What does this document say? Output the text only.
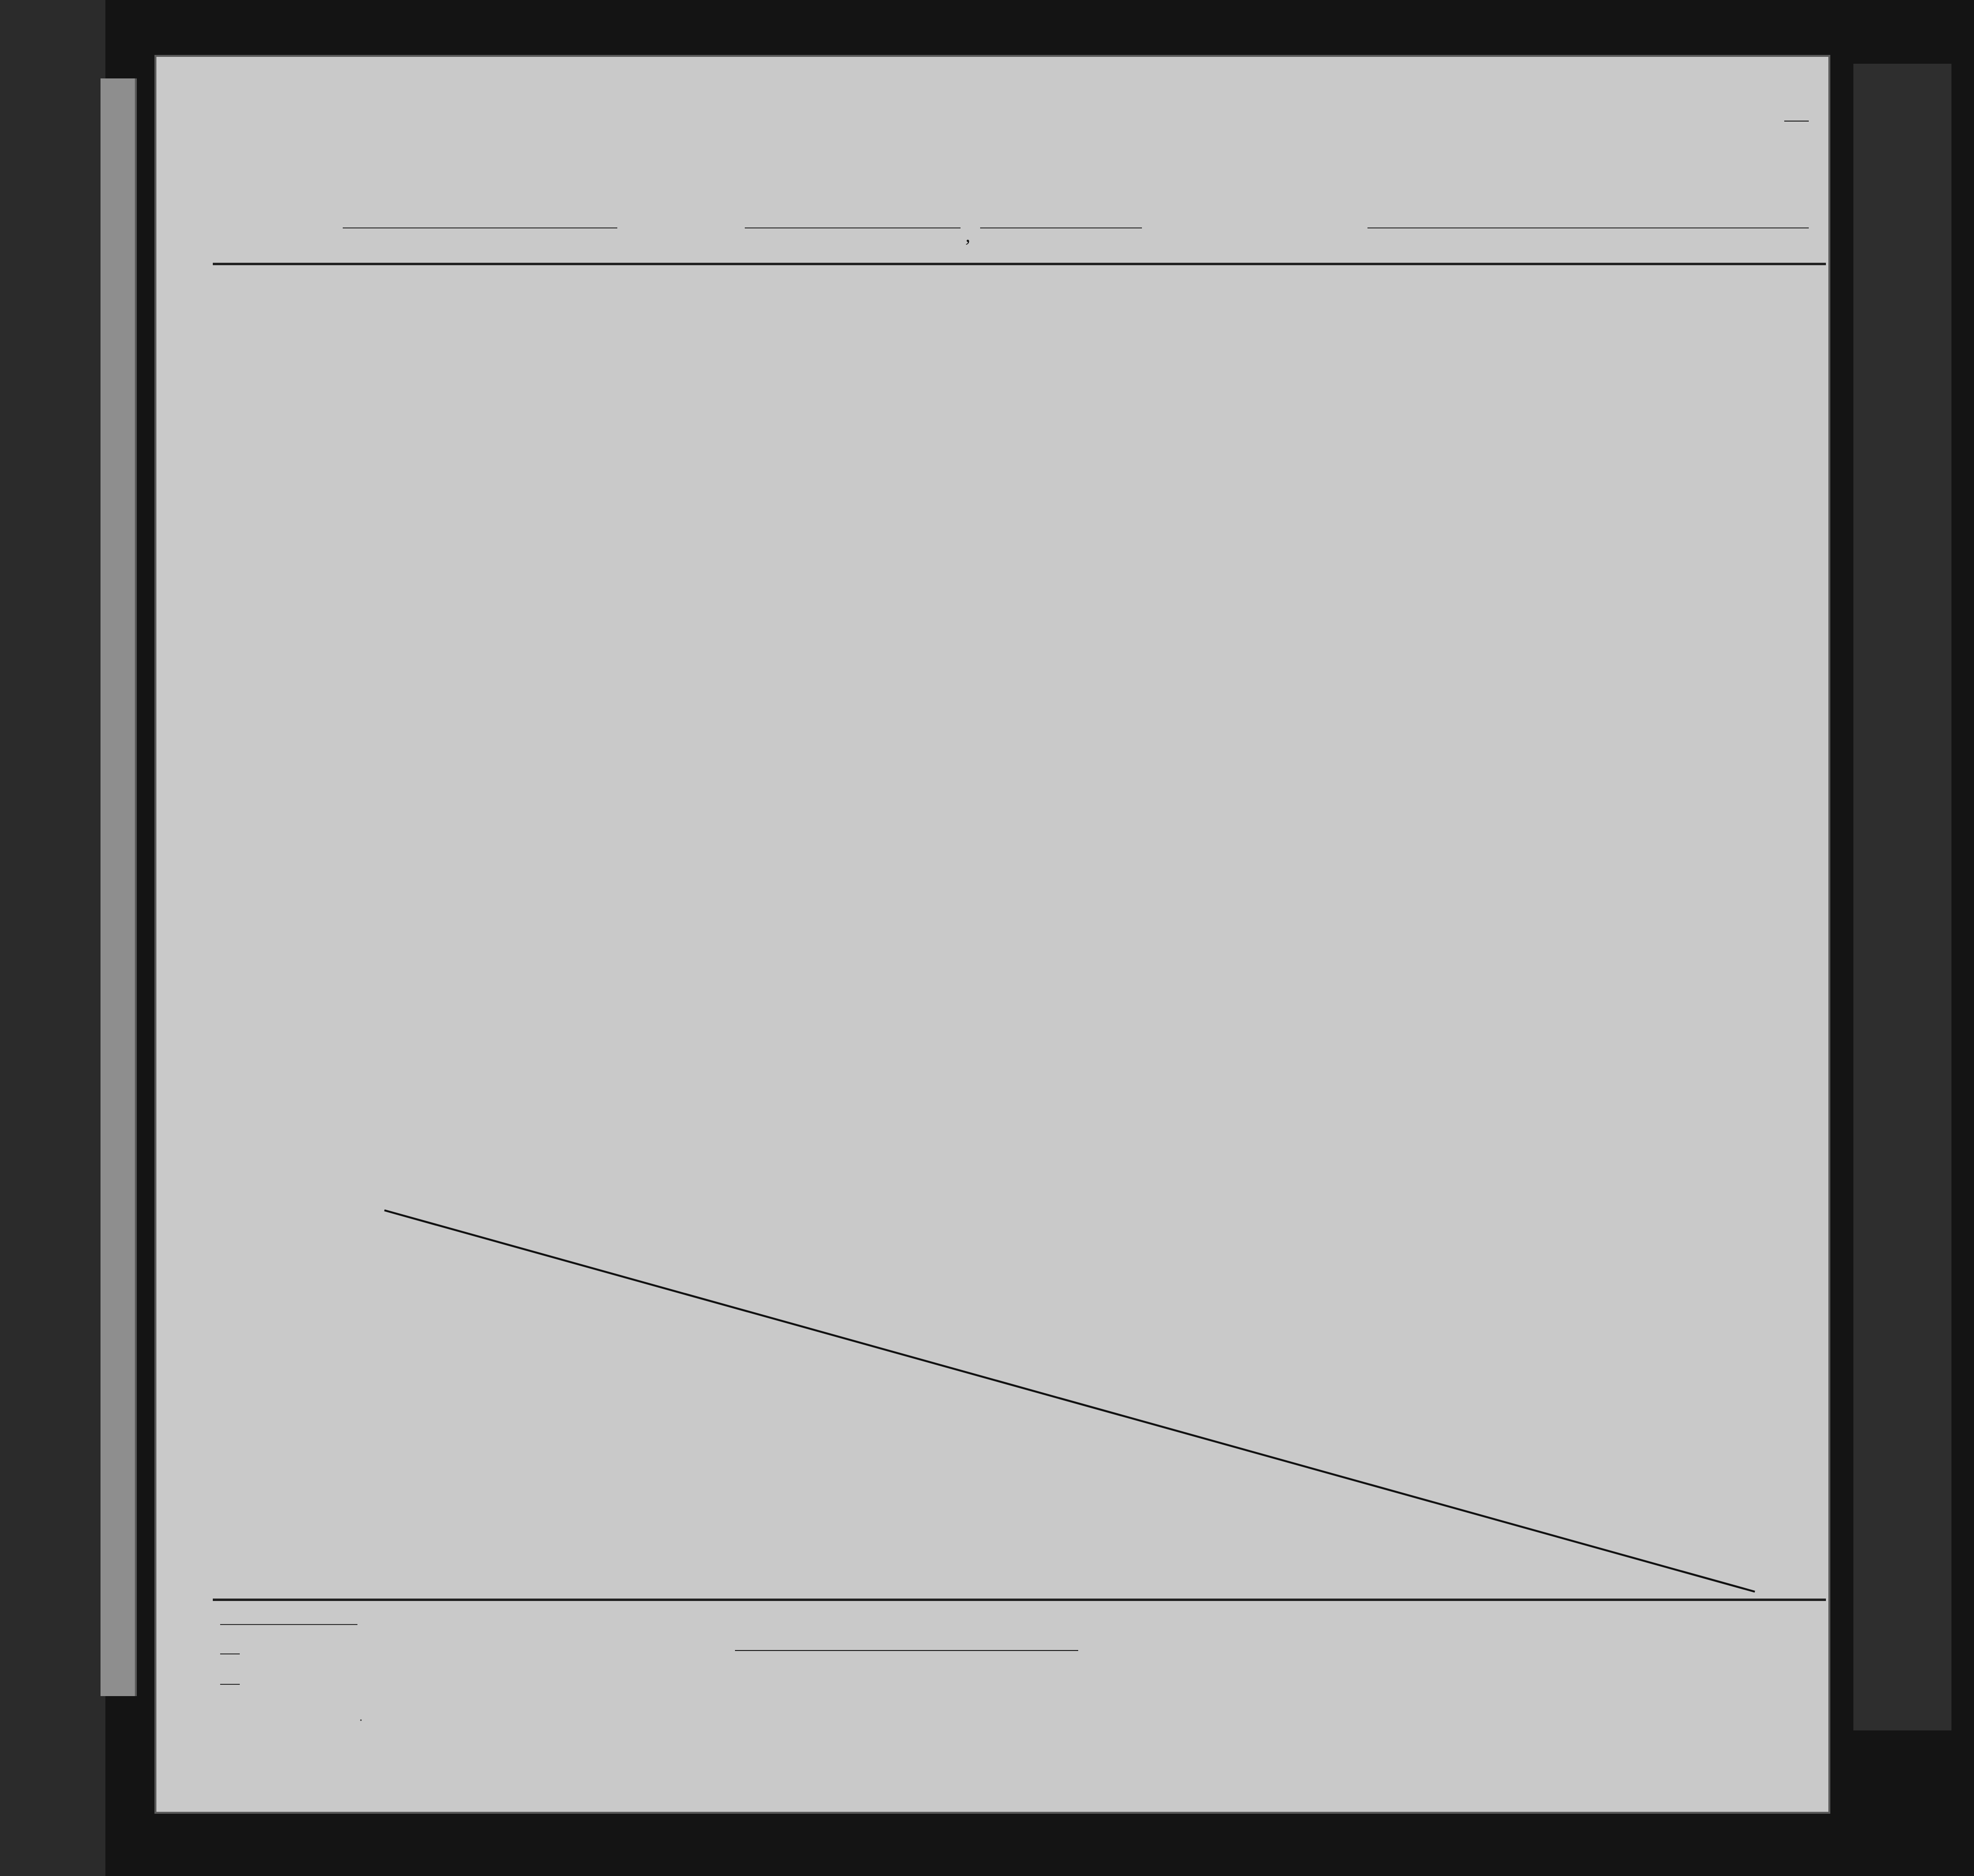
,
●
